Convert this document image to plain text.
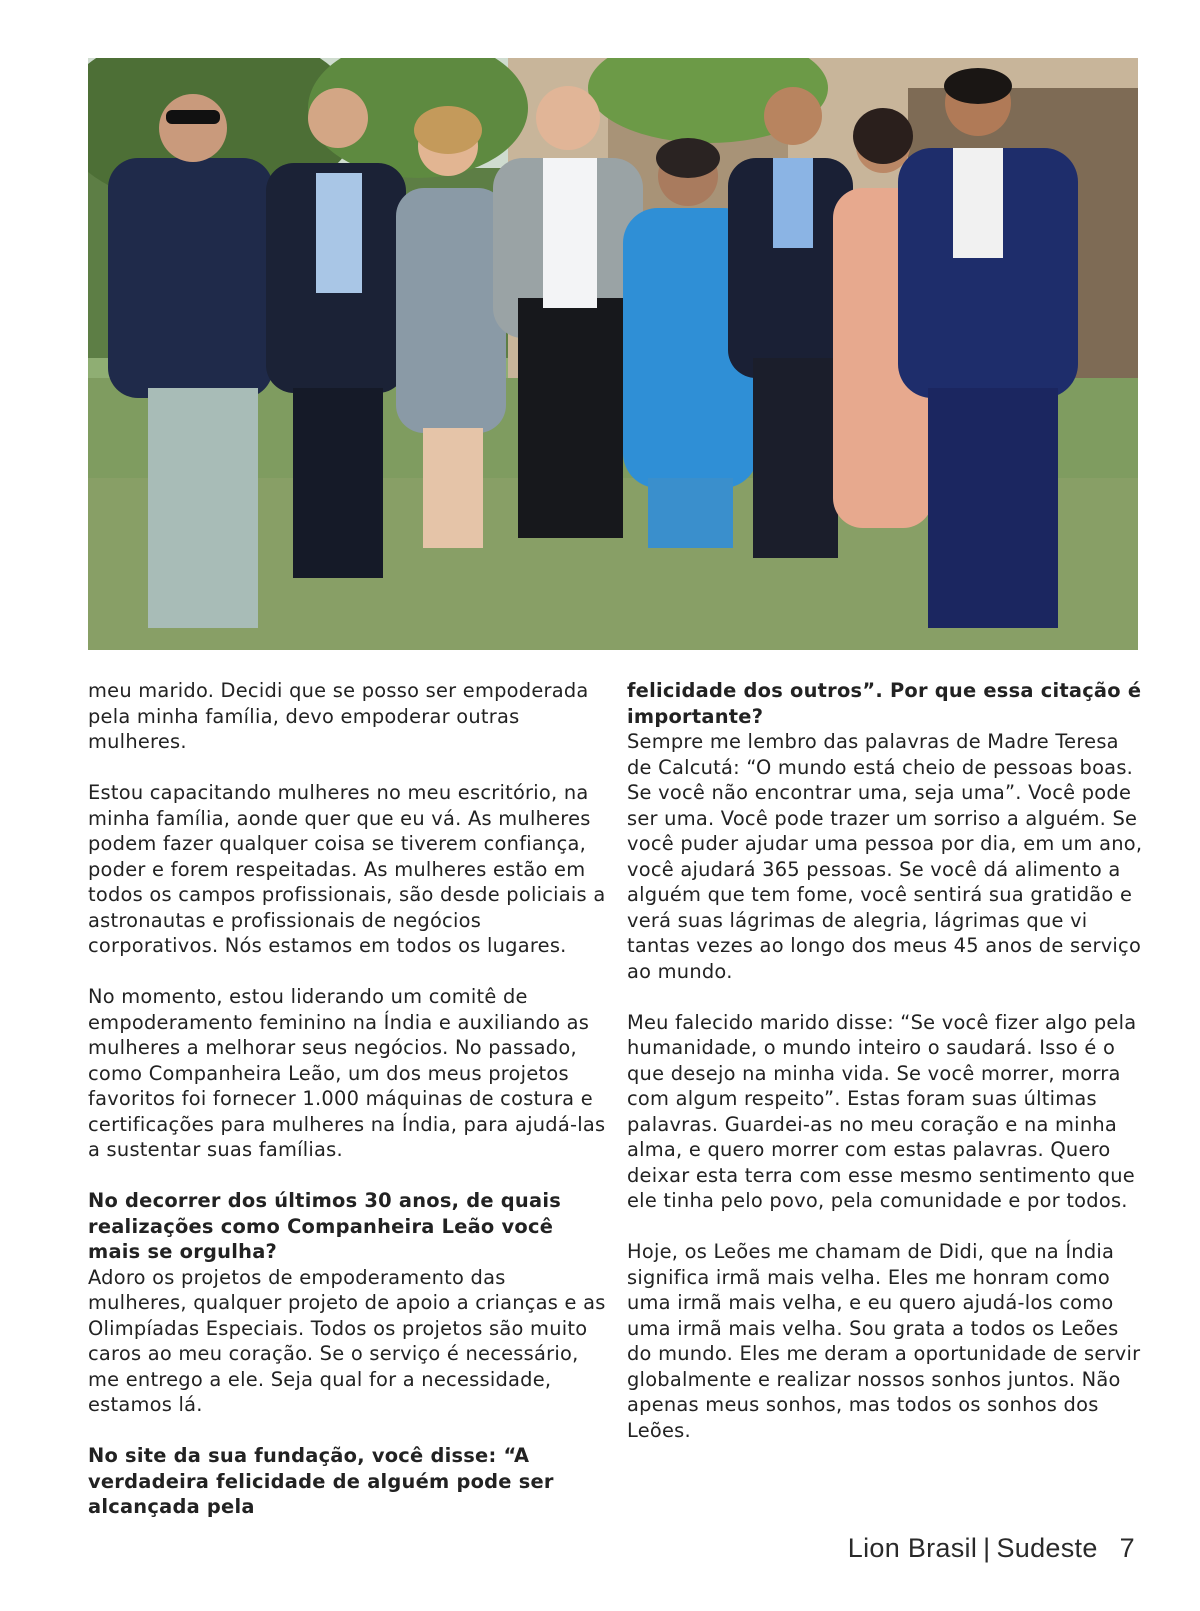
meu marido. Decidi que se posso ser empoderada pela minha família, devo empoderar outras mulheres.

Estou capacitando mulheres no meu escritório, na minha família, aonde quer que eu vá. As mulheres podem fazer qualquer coisa se tiverem confiança, poder e forem respeitadas. As mulheres estão em todos os campos profissionais, são desde policiais a astronautas e profissionais de negócios corporativos. Nós estamos em todos os lugares.

No momento, estou liderando um comitê de empoderamento feminino na Índia e auxiliando as mulheres a melhorar seus negócios. No passado, como Companheira Leão, um dos meus projetos favoritos foi fornecer 1.000 máquinas de costura e certificações para mulheres na Índia, para ajudá-las a sustentar suas famílias.

No decorrer dos últimos 30 anos, de quais realizações como Companheira Leão você mais se orgulha?
Adoro os projetos de empoderamento das mulheres, qualquer projeto de apoio a crianças e as Olimpíadas Especiais. Todos os projetos são muito caros ao meu coração. Se o serviço é necessário, me entrego a ele. Seja qual for a necessidade, estamos lá.

No site da sua fundação, você disse: “A verdadeira felicidade de alguém pode ser alcançada pela

felicidade dos outros”. Por que essa citação é importante?
Sempre me lembro das palavras de Madre Teresa de Calcutá: “O mundo está cheio de pessoas boas. Se você não encontrar uma, seja uma”. Você pode ser uma. Você pode trazer um sorriso a alguém. Se você puder ajudar uma pessoa por dia, em um ano, você ajudará 365 pessoas. Se você dá alimento a alguém que tem fome, você sentirá sua gratidão e verá suas lágrimas de alegria, lágrimas que vi tantas vezes ao longo dos meus 45 anos de serviço ao mundo.

Meu falecido marido disse: “Se você fizer algo pela humanidade, o mundo inteiro o saudará. Isso é o que desejo na minha vida. Se você morrer, morra com algum respeito”. Estas foram suas últimas palavras. Guardei-as no meu coração e na minha alma, e quero morrer com estas palavras. Quero deixar esta terra com esse mesmo sentimento que ele tinha pelo povo, pela comunidade e por todos.

Hoje, os Leões me chamam de Didi, que na Índia significa irmã mais velha. Eles me honram como uma irmã mais velha, e eu quero ajudá-los como uma irmã mais velha. Sou grata a todos os Leões do mundo. Eles me deram a oportunidade de servir globalmente e realizar nossos sonhos juntos. Não apenas meus sonhos, mas todos os sonhos dos Leões.

Lion Brasil | Sudeste 7
